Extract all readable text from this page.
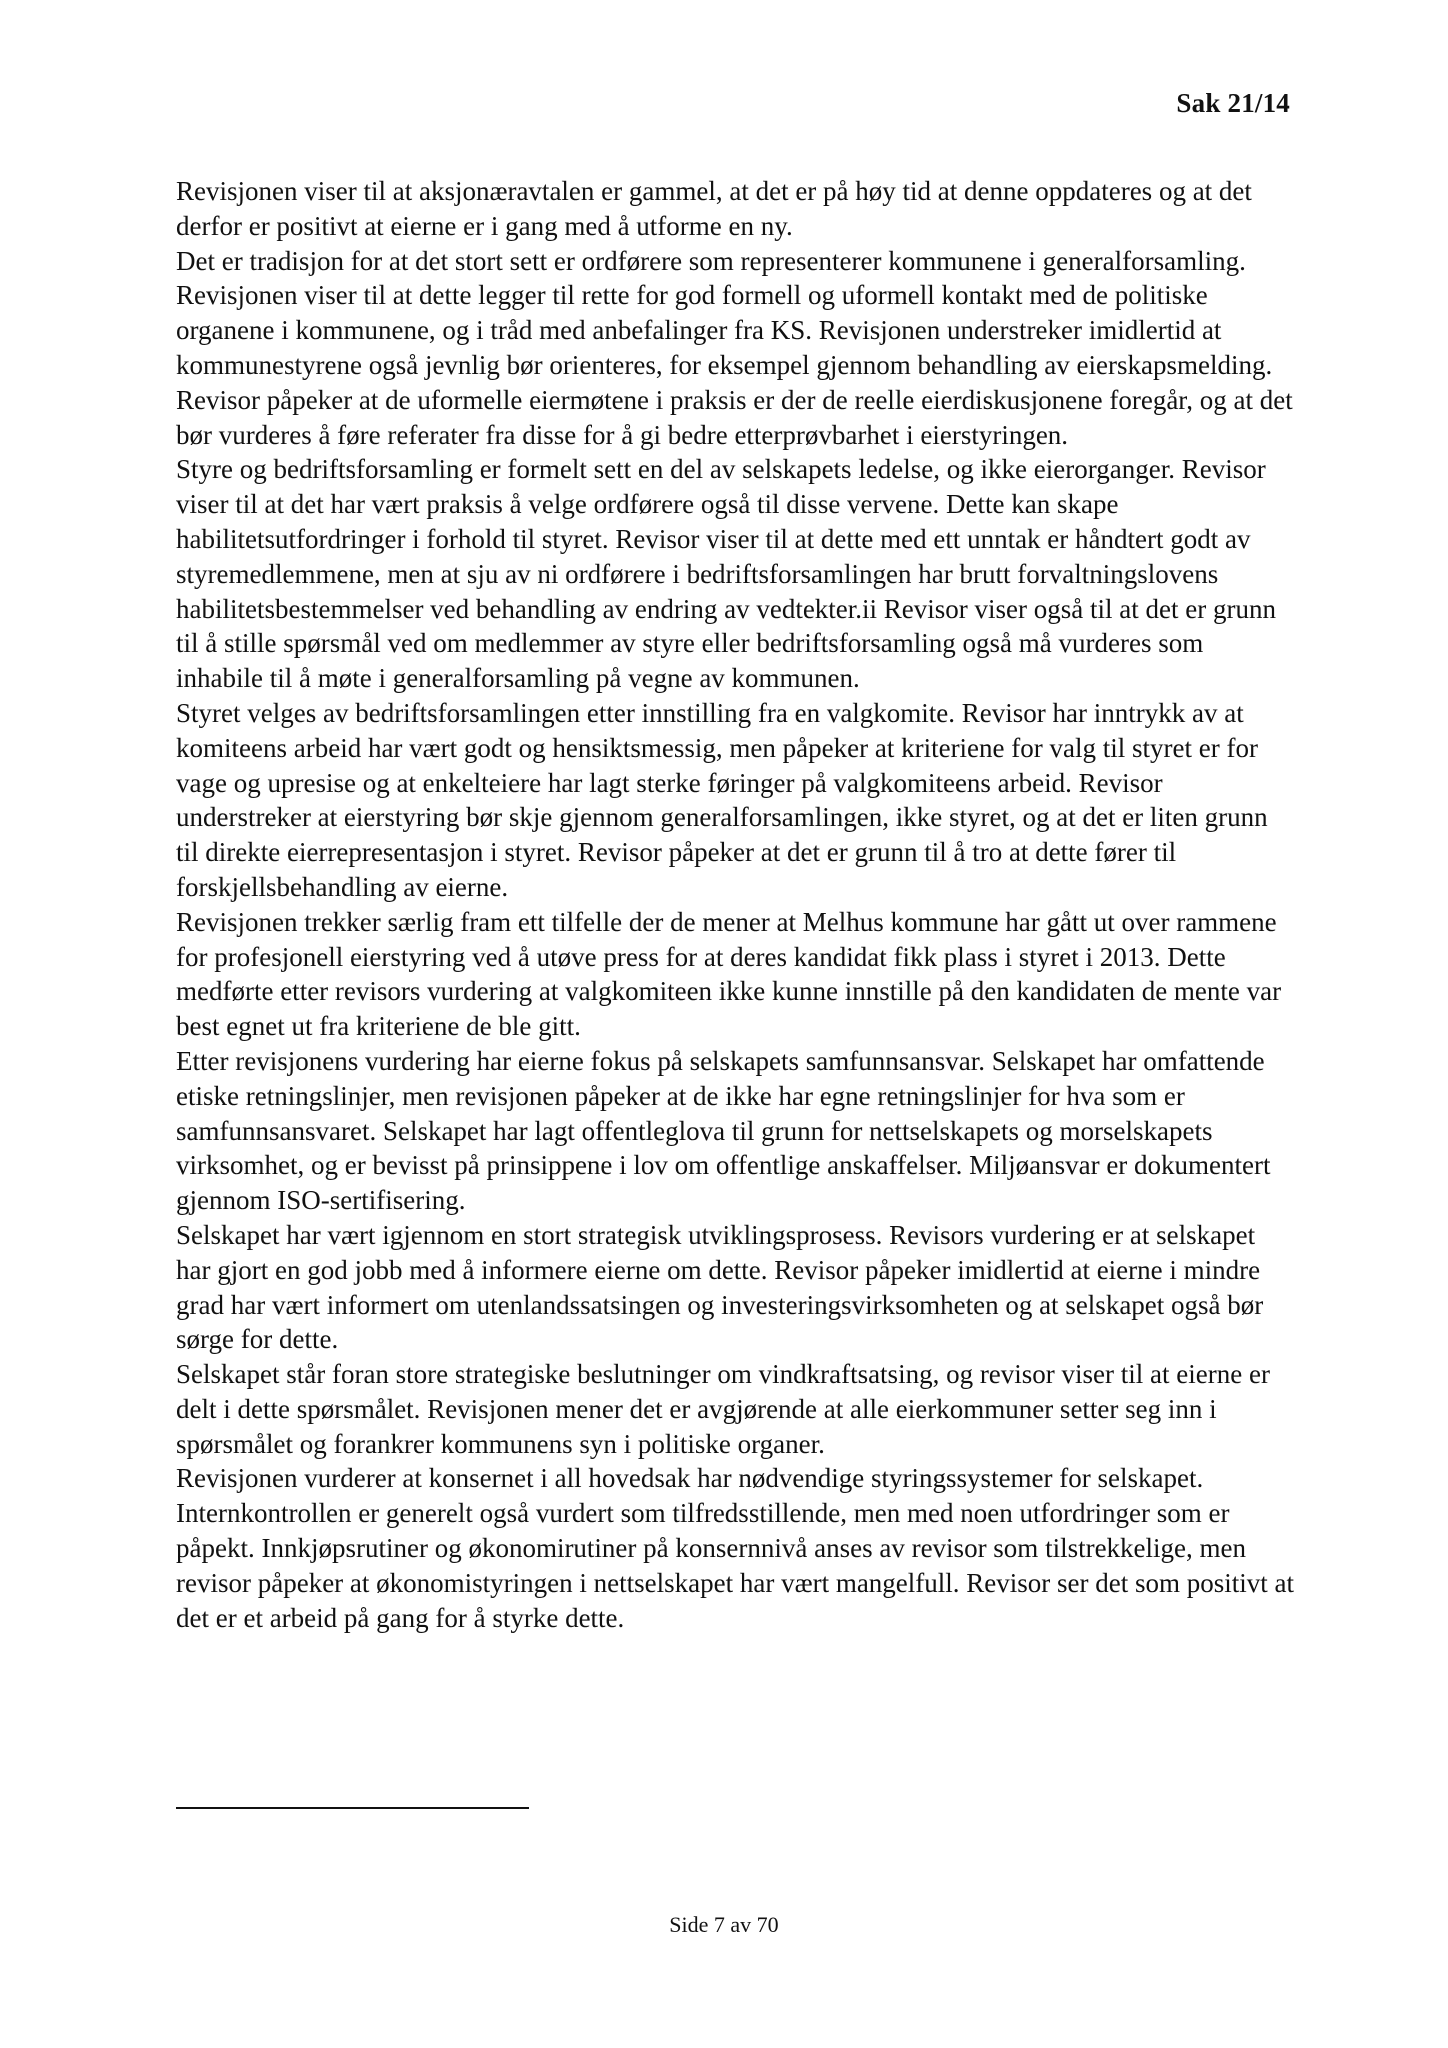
Sak 21/14

Revisjonen viser til at aksjonæravtalen er gammel, at det er på høy tid at denne oppdateres og at det derfor er positivt at eierne er i gang med å utforme en ny.

Det er tradisjon for at det stort sett er ordførere som representerer kommunene i generalforsamling. Revisjonen viser til at dette legger til rette for god formell og uformell kontakt med de politiske organene i kommunene, og i tråd med anbefalinger fra KS. Revisjonen understreker imidlertid at kommunestyrene også jevnlig bør orienteres, for eksempel gjennom behandling av eierskapsmelding.

Revisor påpeker at de uformelle eiermøtene i praksis er der de reelle eierdiskusjonene foregår, og at det bør vurderes å føre referater fra disse for å gi bedre etterprøvbarhet i eierstyringen.

Styre og bedriftsforsamling er formelt sett en del av selskapets ledelse, og ikke eierorganger. Revisor viser til at det har vært praksis å velge ordførere også til disse vervene. Dette kan skape habilitetsutfordringer i forhold til styret. Revisor viser til at dette med ett unntak er håndtert godt av styremedlemmene, men at sju av ni ordførere i bedriftsforsamlingen har brutt forvaltningslovens habilitetsbestemmelser ved behandling av endring av vedtekter.ii Revisor viser også til at det er grunn til å stille spørsmål ved om medlemmer av styre eller bedriftsforsamling også må vurderes som inhabile til å møte i generalforsamling på vegne av kommunen.

Styret velges av bedriftsforsamlingen etter innstilling fra en valgkomite. Revisor har inntrykk av at komiteens arbeid har vært godt og hensiktsmessig, men påpeker at kriteriene for valg til styret er for vage og upresise og at enkelteiere har lagt sterke føringer på valgkomiteens arbeid. Revisor understreker at eierstyring bør skje gjennom generalforsamlingen, ikke styret, og at det er liten grunn til direkte eierrepresentasjon i styret. Revisor påpeker at det er grunn til å tro at dette fører til forskjellsbehandling av eierne.

Revisjonen trekker særlig fram ett tilfelle der de mener at Melhus kommune har gått ut over rammene for profesjonell eierstyring ved å utøve press for at deres kandidat fikk plass i styret i 2013. Dette medførte etter revisors vurdering at valgkomiteen ikke kunne innstille på den kandidaten de mente var best egnet ut fra kriteriene de ble gitt.

Etter revisjonens vurdering har eierne fokus på selskapets samfunnsansvar. Selskapet har omfattende etiske retningslinjer, men revisjonen påpeker at de ikke har egne retningslinjer for hva som er samfunnsansvaret. Selskapet har lagt offentleglova til grunn for nettselskapets og morselskapets virksomhet, og er bevisst på prinsippene i lov om offentlige anskaffelser. Miljøansvar er dokumentert gjennom ISO-sertifisering.

Selskapet har vært igjennom en stort strategisk utviklingsprosess. Revisors vurdering er at selskapet har gjort en god jobb med å informere eierne om dette. Revisor påpeker imidlertid at eierne i mindre grad har vært informert om utenlandssatsingen og investeringsvirksomheten og at selskapet også bør sørge for dette.

Selskapet står foran store strategiske beslutninger om vindkraftsatsing, og revisor viser til at eierne er delt i dette spørsmålet. Revisjonen mener det er avgjørende at alle eierkommuner setter seg inn i spørsmålet og forankrer kommunens syn i politiske organer.

Revisjonen vurderer at konsernet i all hovedsak har nødvendige styringssystemer for selskapet. Internkontrollen er generelt også vurdert som tilfredsstillende, men med noen utfordringer som er påpekt. Innkjøpsrutiner og økonomirutiner på konsernnivå anses av revisor som tilstrekkelige, men revisor påpeker at økonomistyringen i nettselskapet har vært mangelfull. Revisor ser det som positivt at det er et arbeid på gang for å styrke dette.

Side 7 av 70
